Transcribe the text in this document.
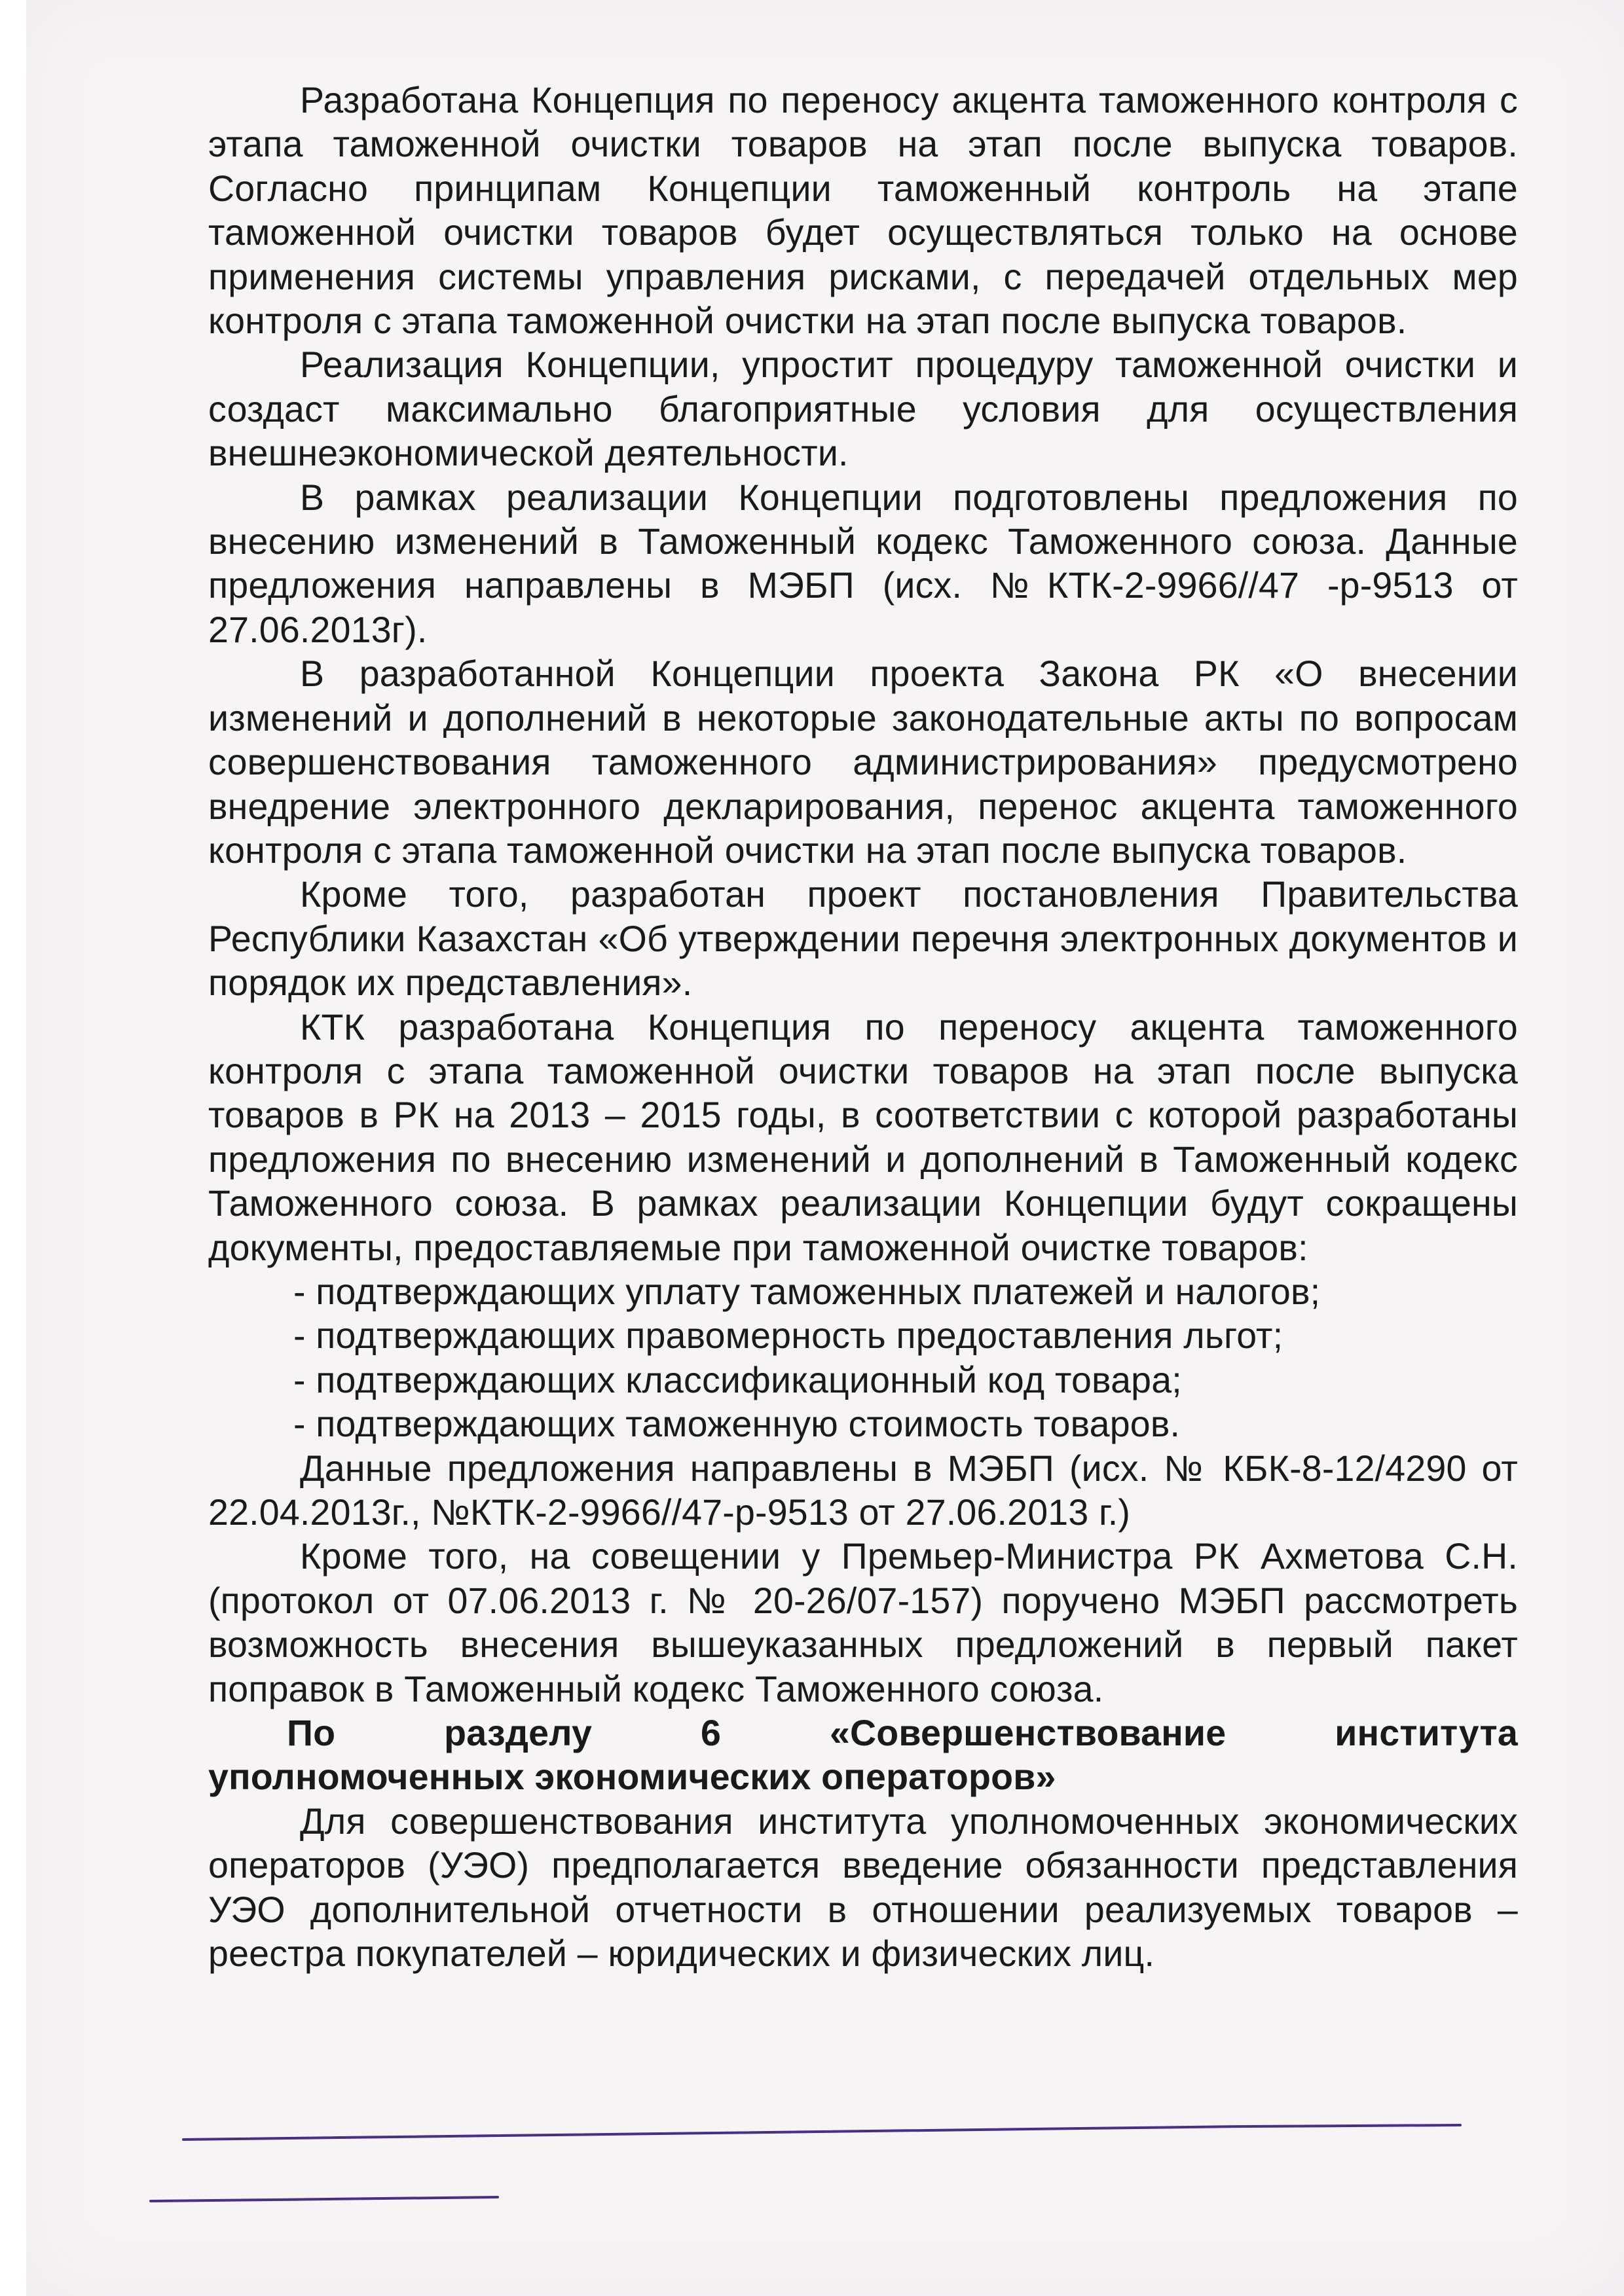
Разработана Концепция по переносу акцента таможенного контроля с этапа таможенной очистки товаров на этап после выпуска товаров. Согласно принципам Концепции таможенный контроль на этапе таможенной очистки товаров будет осуществляться только на основе применения системы управления рисками, с передачей отдельных мер контроля с этапа таможенной очистки на этап после выпуска товаров.

Реализация Концепции, упростит процедуру таможенной очистки и создаст максимально благоприятные условия для осуществления внешнеэкономической деятельности.

В рамках реализации Концепции подготовлены предложения по внесению изменений в Таможенный кодекс Таможенного союза. Данные предложения направлены в МЭБП (исх. №КТК-2-9966//47 -р-9513 от 27.06.2013г).

В разработанной Концепции проекта Закона РК «О внесении изменений и дополнений в некоторые законодательные акты по вопросам совершенствования таможенного администрирования» предусмотрено внедрение электронного декларирования, перенос акцента таможенного контроля с этапа таможенной очистки на этап после выпуска товаров.

Кроме того, разработан проект постановления Правительства Республики Казахстан «Об утверждении перечня электронных документов и порядок их представления».

КТК разработана Концепция по переносу акцента таможенного контроля с этапа таможенной очистки товаров на этап после выпуска товаров в РК на 2013 – 2015 годы, в соответствии с которой разработаны предложения по внесению изменений и дополнений в Таможенный кодекс Таможенного союза. В рамках реализации Концепции будут сокращены документы, предоставляемые при таможенной очистке товаров:

- подтверждающих уплату таможенных платежей и налогов;
- подтверждающих правомерность предоставления льгот;
- подтверждающих классификационный код товара;
- подтверждающих таможенную стоимость товаров.

Данные предложения направлены в МЭБП (исх. № КБК-8-12/4290 от 22.04.2013г., №КТК-2-9966//47-р-9513 от 27.06.2013 г.)

Кроме того, на совещении у Премьер-Министра РК Ахметова С.Н. (протокол от 07.06.2013 г. № 20-26/07-157) поручено МЭБП рассмотреть возможность внесения вышеуказанных предложений в первый пакет поправок в Таможенный кодекс Таможенного союза.

По разделу 6 «Совершенствование института
уполномоченных экономических операторов»

Для совершенствования института уполномоченных экономических операторов (УЭО) предполагается введение обязанности представления УЭО дополнительной отчетности в отношении реализуемых товаров – реестра покупателей – юридических и физических лиц.
